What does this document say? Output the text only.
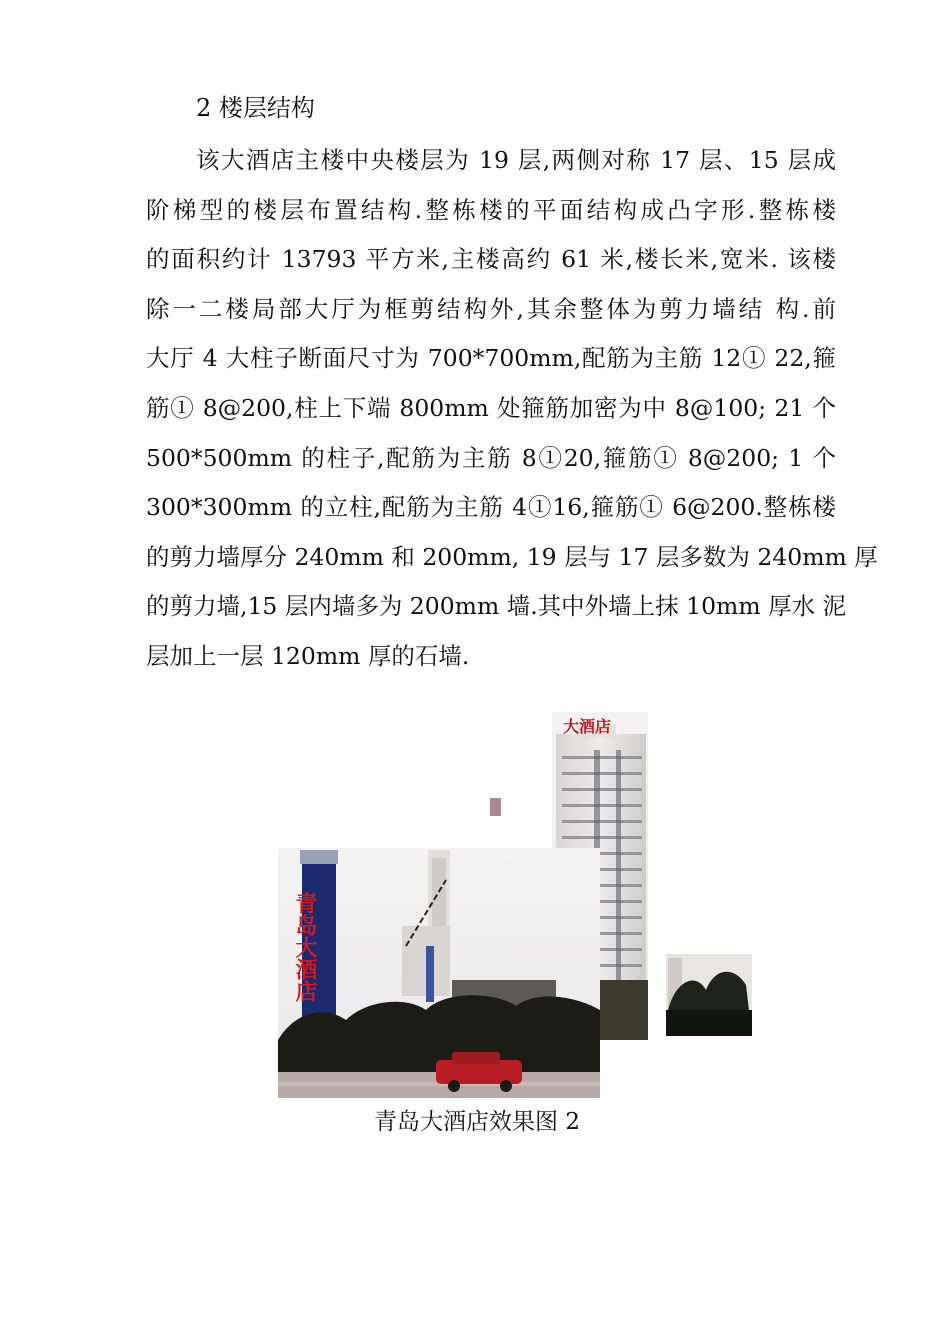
2 楼层结构
该大酒店主楼中央楼层为 19 层,两侧对称 17 层、15 层成
阶梯型的楼层布置结构.整栋楼的平面结构成凸字形.整栋楼
的面积约计 13793 平方米,主楼高约 61 米,楼长米,宽米. 该楼
除一二楼局部大厅为框剪结构外,其余整体为剪力墙结 构.前
大厅 4 大柱子断面尺寸为 700*700mm,配筋为主筋 12① 22,箍
筋① 8@200,柱上下端 800mm 处箍筋加密为中 8@100; 21 个
500*500mm 的柱子,配筋为主筋 8①20,箍筋① 8@200; 1 个
300*300mm 的立柱,配筋为主筋 4①16,箍筋① 6@200.整栋楼
的剪力墙厚分 240mm 和 200mm, 19 层与 17 层多数为 240mm 厚
的剪力墙,15 层内墙多为 200mm 墙.其中外墙上抹 10mm 厚水 泥
层加上一层 120mm 厚的石墙.
大酒店
青岛大酒店
青岛大酒店效果图 2
